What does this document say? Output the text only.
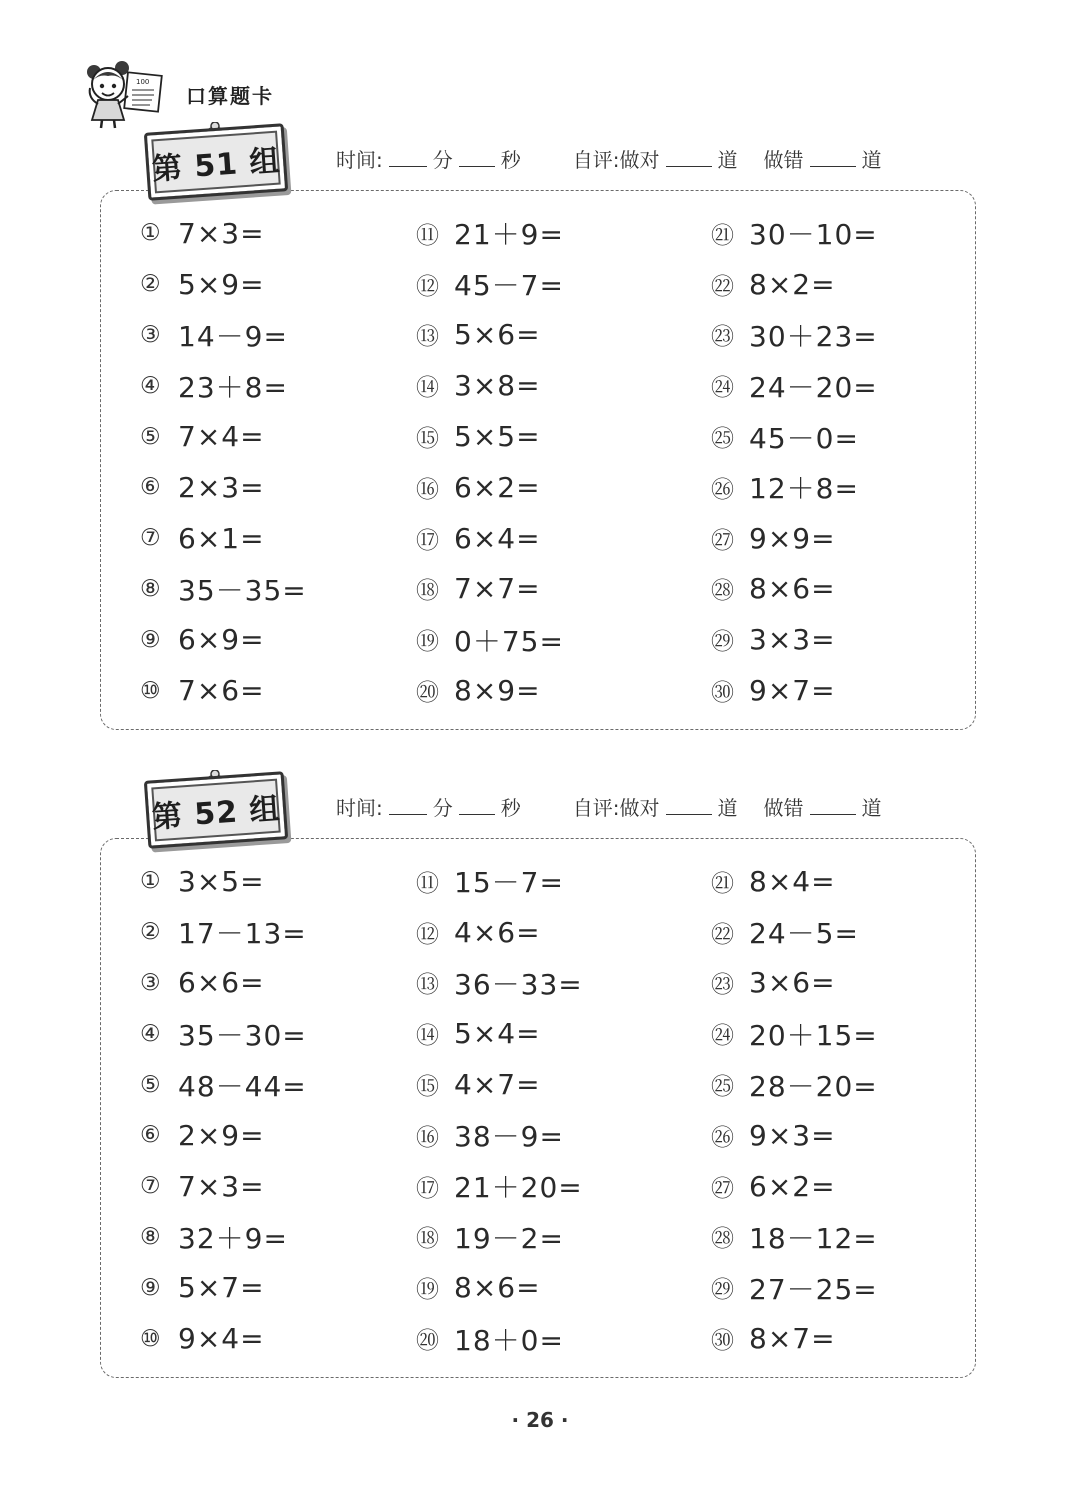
100
口算题卡
第 51 组	时间:	分 秒	自评:做对	道 做错	道
① 7×3=
② 5×9=
③ 14－9=
④ 23＋8=
⑤ 7×4=
⑥ 2×3=
⑦ 6×1=
⑧ 35－35=
⑨ 6×9=
⑩ 7×6=
⑪ 21＋9=
⑫ 45－7=
⑬ 5×6=
⑭ 3×8=
⑮ 5×5=
⑯ 6×2=
⑰ 6×4=
⑱ 7×7=
⑲ 0＋75=
⑳ 8×9=
㉑ 30－10=
㉒ 8×2=
㉓ 30＋23=
㉔ 24－20=
㉕ 45－0=
㉖ 12＋8=
㉗ 9×9=
㉘ 8×6=
㉙ 3×3=
㉚ 9×7=
第 52 组	时间:	分 秒	自评:做对	道 做错	道
① 3×5=
② 17－13=
③ 6×6=
④ 35－30=
⑤ 48－44=
⑥ 2×9=
⑦ 7×3=
⑧ 32＋9=
⑨ 5×7=
⑩ 9×4=
⑪ 15－7=
⑫ 4×6=
⑬ 36－33=
⑭ 5×4=
⑮ 4×7=
⑯ 38－9=
⑰ 21＋20=
⑱ 19－2=
⑲ 8×6=
⑳ 18＋0=
㉑ 8×4=
㉒ 24－5=
㉓ 3×6=
㉔ 20＋15=
㉕ 28－20=
㉖ 9×3=
㉗ 6×2=
㉘ 18－12=
㉙ 27－25=
㉚ 8×7=
· 26 ·
